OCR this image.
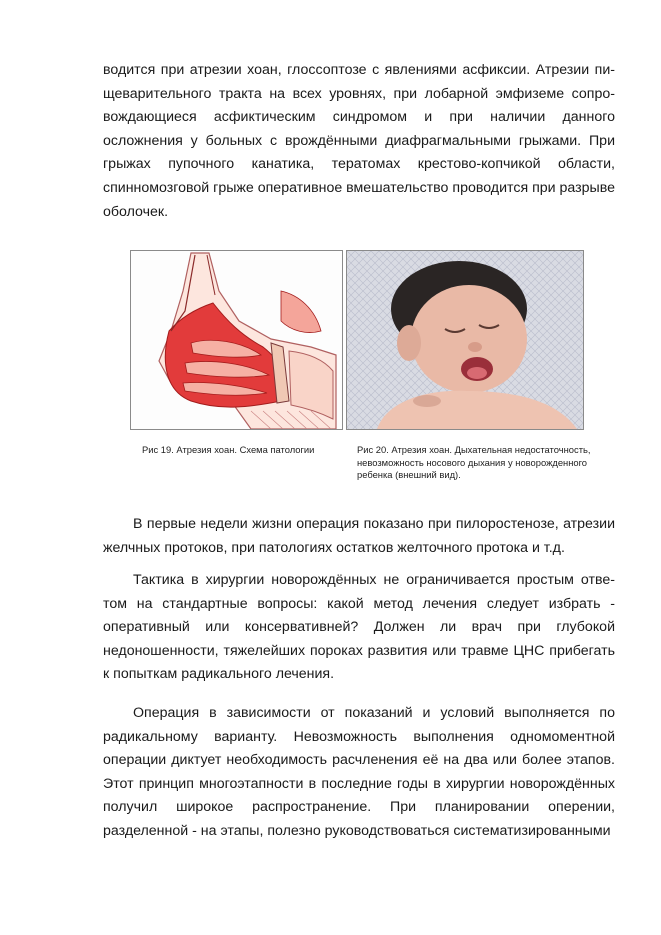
водится при атрезии хоан, глоссоптозе с явлениями асфиксии. Атрезии пи-щеварительного тракта на всех уровнях, при лобарной эмфиземе сопро-вождающиеся асфиктическим синдромом и при наличии данного осложнения у больных с врождёнными диафрагмальными грыжами. При грыжах пупочного канатика, тератомах крестово-копчикой области, спинномозговой грыже оперативное вмешательство проводится при разрыве оболочек.

Рис 19. Атрезия хоан. Схема патологии	Рис 20. Атрезия хоан. Дыхательная недостаточность, невозможность носового дыхания у новорожденного ребенка (внешний вид).

В первые недели жизни операция показано при пилоростенозе, атрезии желчных протоков, при патологиях остатков желточного протока и т.д.

Тактика в хирургии новорождённых не ограничивается простым отве-том на стандартные вопросы: какой метод лечения следует избрать - оперативный или консервативней? Должен ли врач при глубокой недоношенности, тяжелейших пороках развития или травме ЦНС прибегать к попыткам радикального лечения.

Операция в зависимости от показаний и условий выполняется по радикальному варианту. Невозможность выполнения одномоментной операции диктует необходимость расчленения её на два или более этапов. Этот принцип многоэтапности в последние годы в хирургии новорождённых получил широкое распространение. При планировании оперении, разделенной - на этапы, полезно руководствоваться систематизированными
